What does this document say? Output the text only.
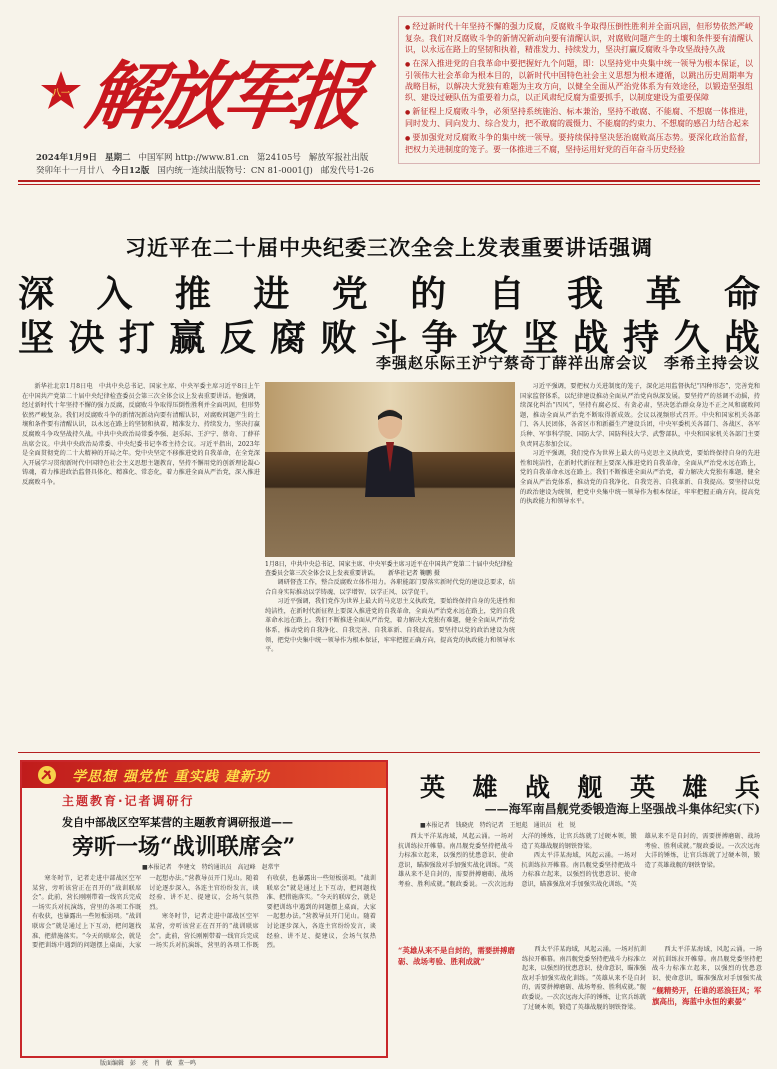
八一 解放军报
2024年1月9日 星期二 中国军网 http://www.81.cn 第24105号 解放军报社出版
癸卯年十一月廿八 今日12版 国内统一连续出版物号：CN 81-0001(J) 邮发代号1-26

● 经过新时代十年坚持不懈的强力反腐，反腐败斗争取得压倒性胜利并全面巩固，但形势依然严峻复杂。我们对反腐败斗争的新情况新动向要有清醒认识，对腐败问题产生的土壤和条件要有清醒认识，以永远在路上的坚韧和执着，精准发力、持续发力，坚决打赢反腐败斗争攻坚战持久战

● 在深入推进党的自我革命中要把握好九个问题，即：以坚持党中央集中统一领导为根本保证，以引领伟大社会革命为根本目的，以新时代中国特色社会主义思想为根本遵循，以跳出历史周期率为战略目标，以解决大党独有难题为主攻方向，以健全全面从严治党体系为有效途径，以锻造坚强组织、建设过硬队伍为重要着力点，以正风肃纪反腐为重要抓手，以制度建设为重要保障

● 新征程上反腐败斗争，必须坚持系统施治、标本兼治，坚持不敢腐、不能腐、不想腐一体推进，同时发力、同向发力、综合发力，把不敢腐的震慑力、不能腐的约束力、不想腐的感召力结合起来

● 要加强党对反腐败斗争的集中统一领导。要持续保持坚决惩治腐败高压态势。要深化政治监督，把权力关进制度的笼子。要一体推进三不腐，坚持运用好党的百年奋斗历史经验

习近平在二十届中央纪委三次全会上发表重要讲话强调
深 入 推 进 党 的 自 我 革 命
坚 决 打 赢 反 腐 败 斗 争 攻 坚 战 持 久 战
李强赵乐际王沪宁蔡奇丁薛祥出席会议　李希主持会议

新华社北京1月8日电　中共中央总书记、国家主席、中央军委主席习近平8日上午在中国共产党第二十届中央纪律检查委员会第三次全体会议上发表重要讲话。他强调，经过新时代十年坚持不懈的强力反腐，反腐败斗争取得压倒性胜利并全面巩固，但形势依然严峻复杂。我们对反腐败斗争的新情况新动向要有清醒认识，对腐败问题产生的土壤和条件要有清醒认识，以永远在路上的坚韧和执着，精准发力、持续发力，坚决打赢反腐败斗争攻坚战持久战。中共中央政治局常委李强、赵乐际、王沪宁、蔡奇、丁薛祥出席会议。中共中央政治局常委、中央纪委书记李希主持会议。习近平指出，2023年是全面贯彻党的二十大精神的开局之年。党中央坚定不移推进党的自我革命，在全党深入开展学习贯彻新时代中国特色社会主义思想主题教育，坚持不懈用党的创新理论凝心铸魂，着力推进政治监督具体化、精准化、常态化，着力推进全面从严治党，深入推进反腐败斗争。

调研督查工作，整合反腐败立体作用力。各职能部门要落实新时代党的建设总要求，结合自身实际推动以学铸魂、以学增智、以学正风、以学促干。

习近平强调，我们党作为世界上最大的马克思主义执政党，要始终保持自身的先进性和纯洁性，在新时代新征程上要深入推进党的自我革命，全面从严治党永远在路上，党的自我革命永远在路上。我们不断推进全面从严治党，着力解决大党独有难题，健全全面从严治党体系，推动党的自我净化、自我完善、自我革新、自我提高。要坚持以党的政治建设为统领，把党中央集中统一领导作为根本保证，牢牢把握正确方向，提高党的执政能力和领导水平。

习近平强调，要把权力关进制度的笼子，深化运用监督执纪“四种形态”，完善党和国家监督体系，以纪律建设推动全面从严治党向纵深发展。要坚持严的基调不动摇，持续深化纠治“四风”，坚持有腐必反、有贪必肃，坚决惩治群众身边不正之风和腐败问题，推动全面从严治党不断取得新成效。会议以视频形式召开。中央和国家机关各部门、各人民团体，各省区市和新疆生产建设兵团，中央军委机关各部门、各战区、各军兵种、军事科学院、国防大学、国防科技大学、武警部队，中央和国家机关各部门主要负责同志参加会议。

习近平强调，我们党作为世界上最大的马克思主义执政党，要始终保持自身的先进性和纯洁性，在新时代新征程上要深入推进党的自我革命，全面从严治党永远在路上，党的自我革命永远在路上。我们不断推进全面从严治党，着力解决大党独有难题，健全全面从严治党体系，推动党的自我净化、自我完善、自我革新、自我提高。要坚持以党的政治建设为统领，把党中央集中统一领导作为根本保证，牢牢把握正确方向，提高党的执政能力和领导水平。

1月8日，中共中央总书记、国家主席、中央军委主席习近平在中国共产党第二十届中央纪律检查委员会第三次全体会议上发表重要讲话。　　新华社记者 鞠鹏 摄
学思想 强党性 重实践 建新功
主题教育·记者调研行
发自中部战区空军某营的主题教育调研报道——
旁听一场“战训联席会”
■本报记者　李建文　特约通讯员　高冠峰　赵常宇

寒冬时节，记者走进中部战区空军某营，旁听该营正在召开的“战训联席会”。此前，营长刚刚带着一线官兵完成一场实兵对抗演练，营里的各项工作既有收获，也暴露出一些短板弱项。“战训联席会”就是通过上下互动，把问题找准、把措施落实。“今天的联席会，就是要把训练中遇到的问题摆上桌面，大家一起想办法。”营教导员开门见山。随着讨论逐步深入，各连主官纷纷发言，谈经验、讲不足、提建议，会场气氛热烈。

寒冬时节，记者走进中部战区空军某营，旁听该营正在召开的“战训联席会”。此前，营长刚刚带着一线官兵完成一场实兵对抗演练，营里的各项工作既有收获，也暴露出一些短板弱项。“战训联席会”就是通过上下互动，把问题找准、把措施落实。“今天的联席会，就是要把训练中遇到的问题摆上桌面，大家一起想办法。”营教导员开门见山。随着讨论逐步深入，各连主官纷纷发言，谈经验、讲不足、提建议，会场气氛热烈。

英 雄 战 舰 英 雄 兵
——海军南昌舰党委锻造海上坚强战斗集体纪实(下)
■本报记者　钱晓虎　特约记者　王旭彪　通讯员　杜　锐

西太平洋某海域，风起云涌。一场对抗训练拉开帷幕。南昌舰党委坚持把战斗力标准立起来，以强烈的忧患意识、使命意识，瞄准强敌对手加强实战化训练。“英雄从来不是自封的，需要拼搏磨砺、战场考验、胜利成就。”舰政委说。一次次远海大洋的锤炼，让官兵练就了过硬本领，锻造了英雄战舰的钢铁脊梁。

西太平洋某海域，风起云涌。一场对抗训练拉开帷幕。南昌舰党委坚持把战斗力标准立起来，以强烈的忧患意识、使命意识，瞄准强敌对手加强实战化训练。“英雄从来不是自封的，需要拼搏磨砺、战场考验、胜利成就。”舰政委说。一次次远海大洋的锤炼，让官兵练就了过硬本领，锻造了英雄战舰的钢铁脊梁。

“英雄从来不是自封的，需要拼搏磨砺、战场考验、胜利成就”

西太平洋某海域，风起云涌。一场对抗训练拉开帷幕。南昌舰党委坚持把战斗力标准立起来，以强烈的忧患意识、使命意识，瞄准强敌对手加强实战化训练。“英雄从来不是自封的，需要拼搏磨砺、战场考验、胜利成就。”舰政委说。一次次远海大洋的锤炼，让官兵练就了过硬本领，锻造了英雄战舰的钢铁脊梁。

西太平洋某海域，风起云涌。一场对抗训练拉开帷幕。南昌舰党委坚持把战斗力标准立起来，以强烈的忧患意识、使命意识，瞄准强敌对手加强实战

“舰精势开，任谁的恶浪狂风；军旗高出，海蓝中永恒的素晏”
版面编辑　彭　亮　肖　敏　董一鸣
